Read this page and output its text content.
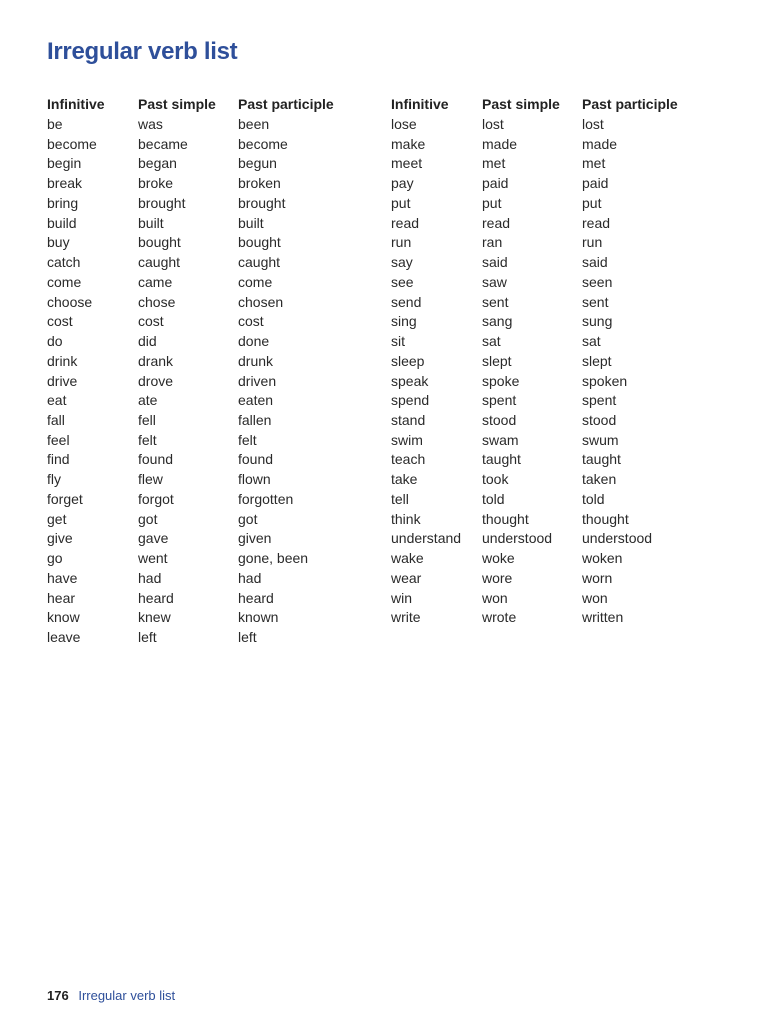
Irregular verb list
Infinitive	Past simple	Past participle
be	was	been
become	became	become
begin	began	begun
break	broke	broken
bring	brought	brought
build	built	built
buy	bought	bought
catch	caught	caught
come	came	come
choose	chose	chosen
cost	cost	cost
do	did	done
drink	drank	drunk
drive	drove	driven
eat	ate	eaten
fall	fell	fallen
feel	felt	felt
find	found	found
fly	flew	flown
forget	forgot	forgotten
get	got	got
give	gave	given
go	went	gone, been
have	had	had
hear	heard	heard
know	knew	known
leave	left	left
Infinitive	Past simple	Past participle
lose	lost	lost
make	made	made
meet	met	met
pay	paid	paid
put	put	put
read	read	read
run	ran	run
say	said	said
see	saw	seen
send	sent	sent
sing	sang	sung
sit	sat	sat
sleep	slept	slept
speak	spoke	spoken
spend	spent	spent
stand	stood	stood
swim	swam	swum
teach	taught	taught
take	took	taken
tell	told	told
think	thought	thought
understand	understood	understood
wake	woke	woken
wear	wore	worn
win	won	won
write	wrote	written
176 Irregular verb list
